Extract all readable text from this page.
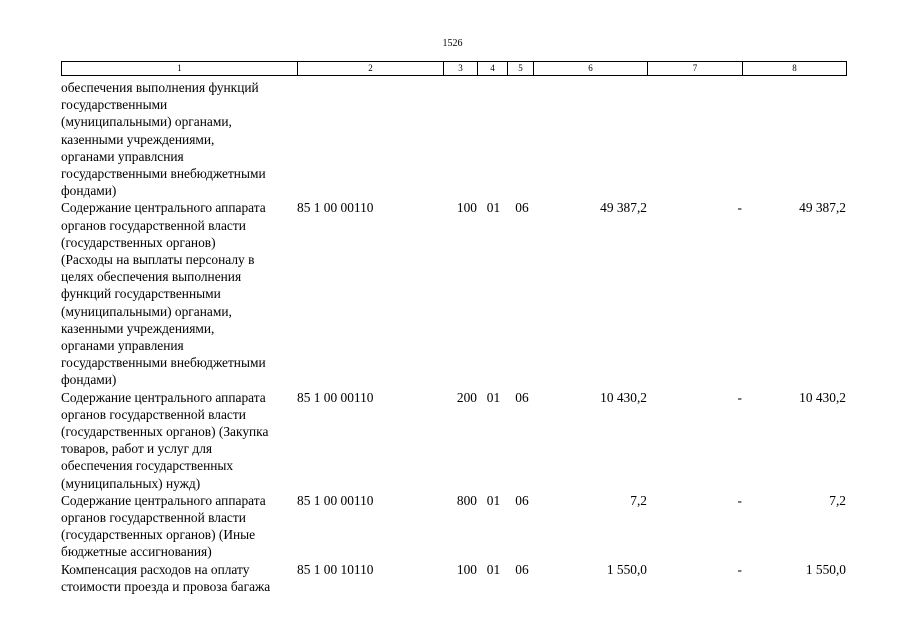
1526
1	2	3	4	5	6	7	8
обеспечения выполнения функций
государственными
(муниципальными) органами,
казенными учреждениями,
органами управлсния
государственными внебюджетными
фондами)
Содержание центрального аппарата
органов государственной власти
(государственных органов)
(Расходы на выплаты персоналу в
целях обеспечения выполнения
функций государственными
(муниципальными) органами,
казенными учреждениями,
органами управления
государственными внебюджетными
фондами)
85 1 00 00110	100 01	06	49 387,2	-	49 387,2
Содержание центрального аппарата
органов государственной власти
(государственных органов) (Закупка
товаров, работ и услуг для
обеспечения государственных
(муниципальных) нужд)
85 1 00 00110	200 01	06	10 430,2	-	10 430,2
Содержание центрального аппарата
органов государственной власти
(государственных органов) (Иные
бюджетные ассигнования)
85 1 00 00110	800 01	06	7,2	-	7,2
Компенсация расходов на оплату
стоимости проезда и провоза багажа
85 1 00 10110	100 01	06	1 550,0	-	1 550,0
